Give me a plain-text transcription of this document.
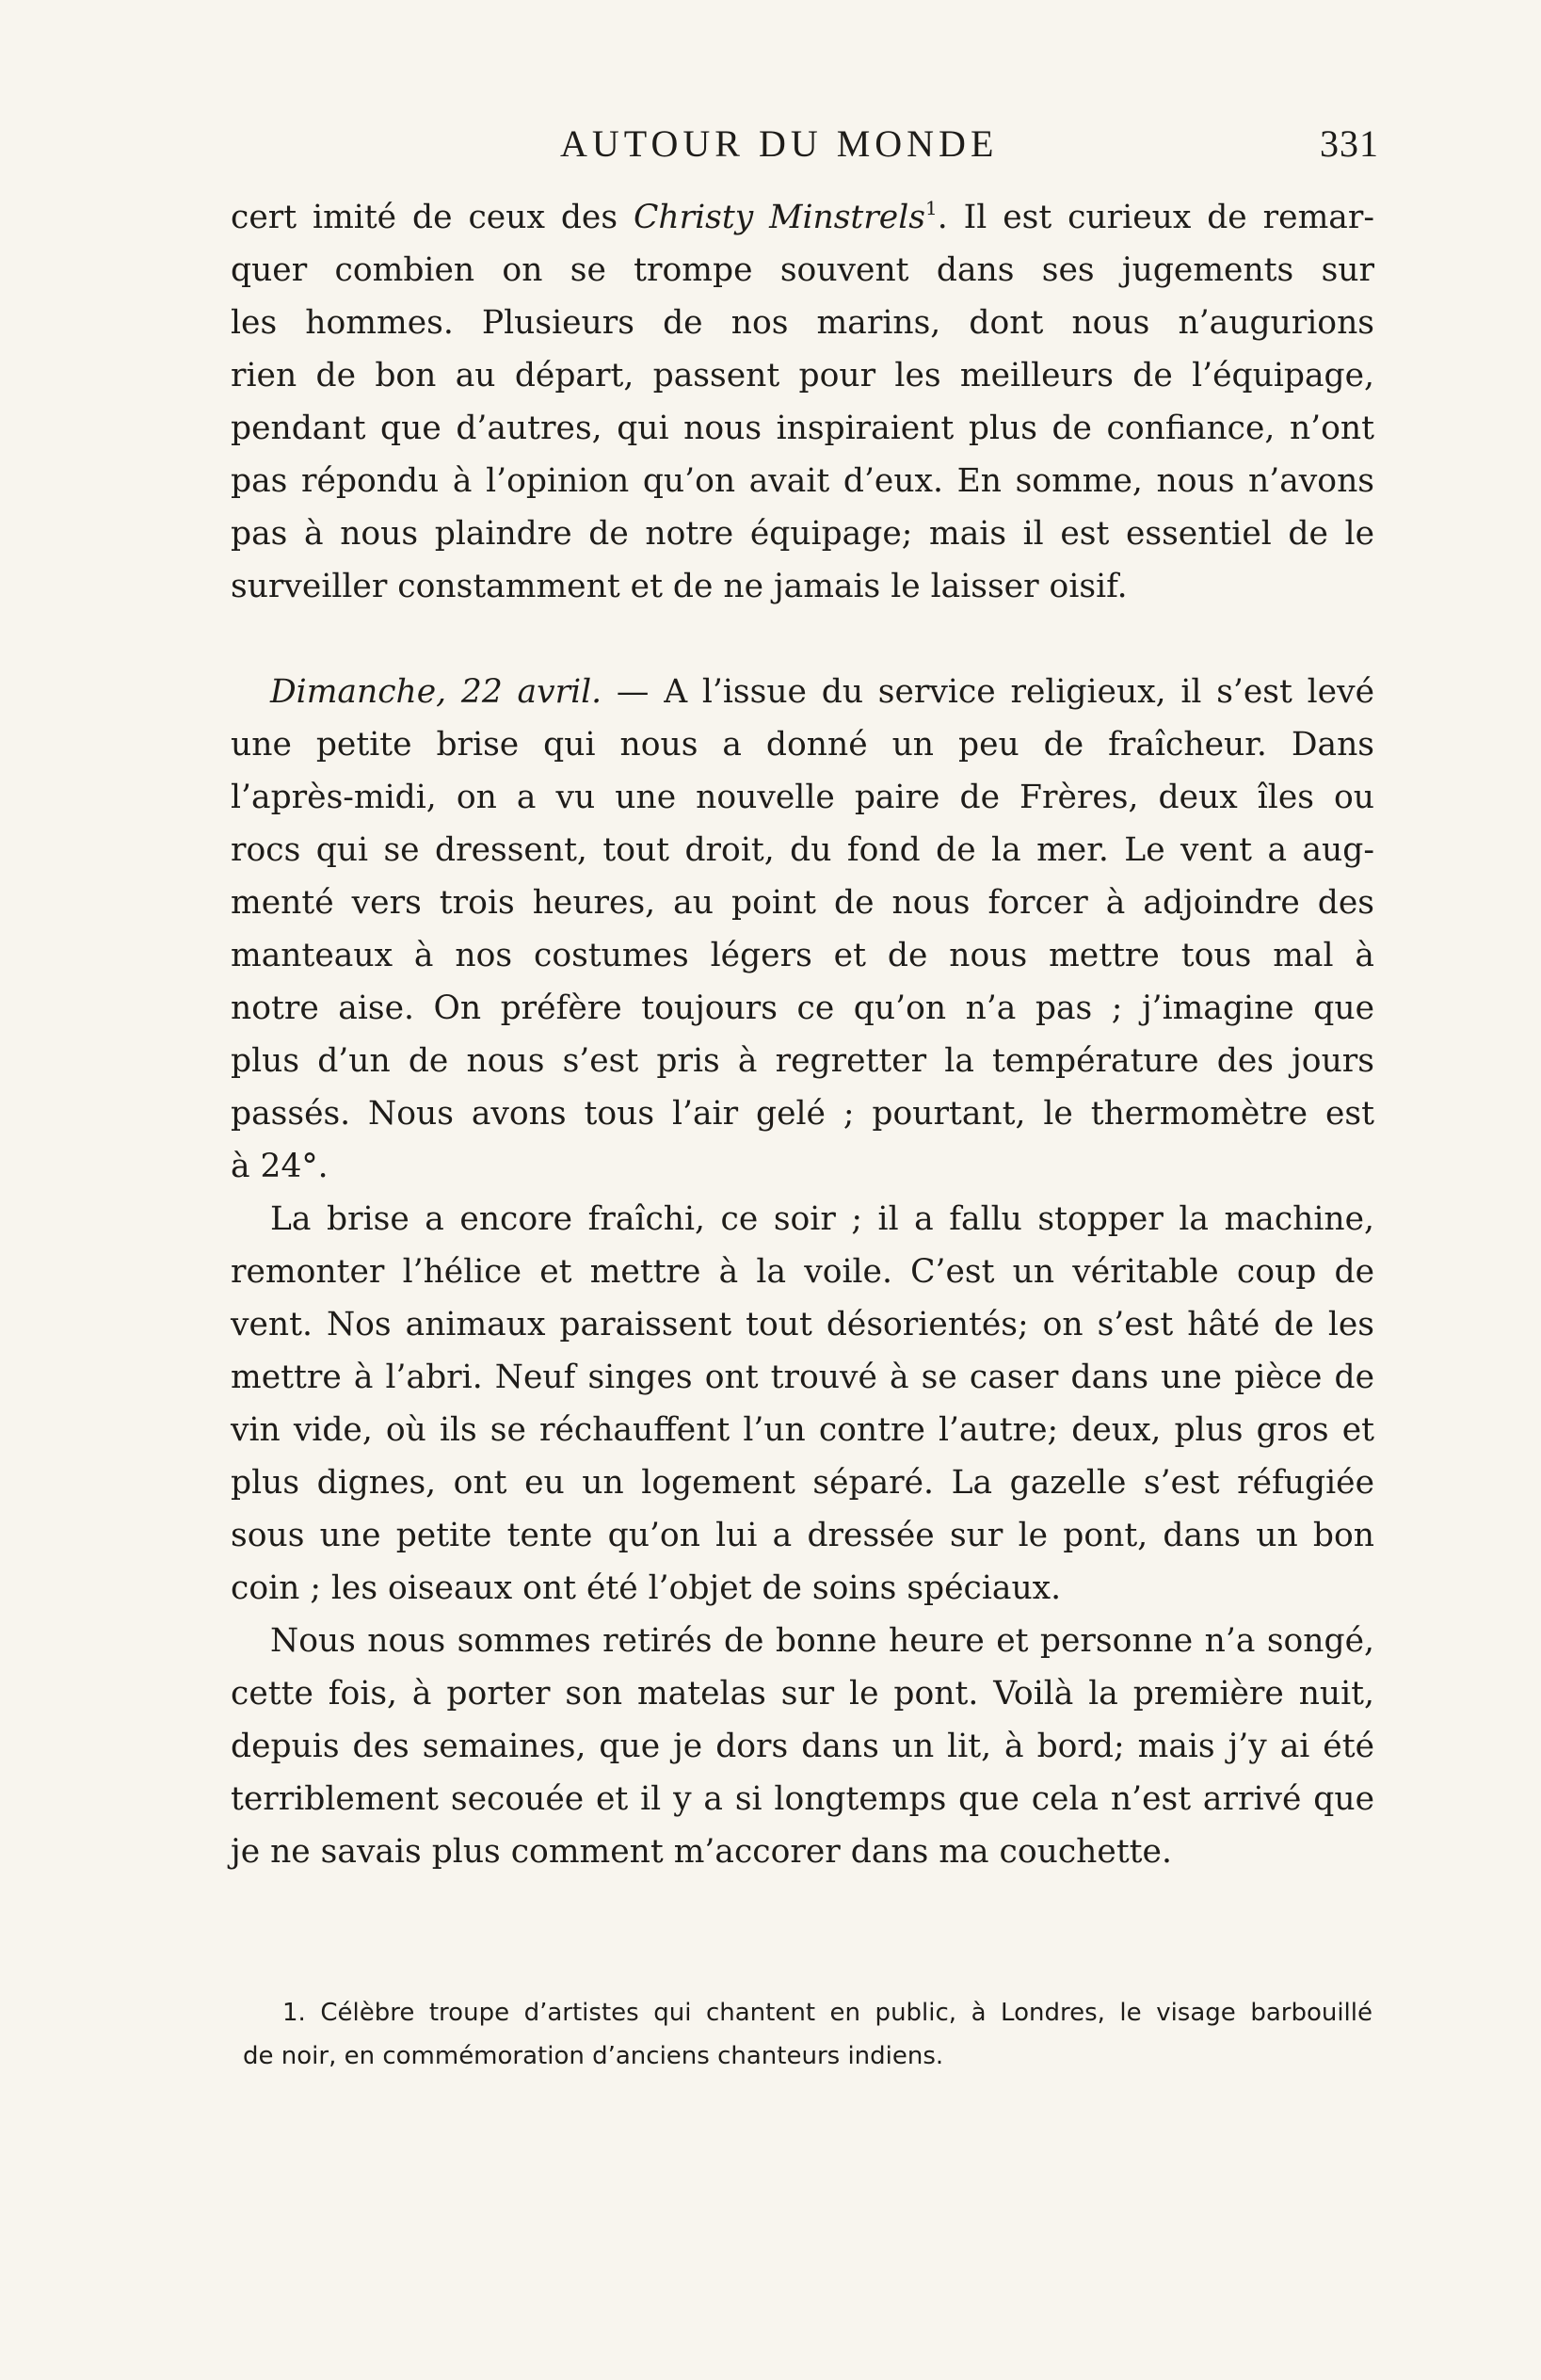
AUTOUR DU MONDE	331
cert imité de ceux des Christy Minstrels$^1$. Il est curieux de remar-
quer combien on se trompe souvent dans ses jugements sur
les hommes. Plusieurs de nos marins, dont nous n’augurions
rien de bon au départ, passent pour les meilleurs de l’équipage,
pendant que d’autres, qui nous inspiraient plus de confiance, n’ont
pas répondu à l’opinion qu’on avait d’eux. En somme, nous n’avons
pas à nous plaindre de notre équipage; mais il est essentiel de le
surveiller constamment et de ne jamais le laisser oisif.
Dimanche, 22 avril. — A l’issue du service religieux, il s’est levé
une petite brise qui nous a donné un peu de fraîcheur. Dans
l’après-midi, on a vu une nouvelle paire de Frères, deux îles ou
rocs qui se dressent, tout droit, du fond de la mer. Le vent a aug-
menté vers trois heures, au point de nous forcer à adjoindre des
manteaux à nos costumes légers et de nous mettre tous mal à
notre aise. On préfère toujours ce qu’on n’a pas ; j’imagine que
plus d’un de nous s’est pris à regretter la température des jours
passés. Nous avons tous l’air gelé ; pourtant, le thermomètre est
à 24°.
La brise a encore fraîchi, ce soir ; il a fallu stopper la machine,
remonter l’hélice et mettre à la voile. C’est un véritable coup de
vent. Nos animaux paraissent tout désorientés; on s’est hâté de les
mettre à l’abri. Neuf singes ont trouvé à se caser dans une pièce de
vin vide, où ils se réchauffent l’un contre l’autre; deux, plus gros et
plus dignes, ont eu un logement séparé. La gazelle s’est réfugiée
sous une petite tente qu’on lui a dressée sur le pont, dans un bon
coin ; les oiseaux ont été l’objet de soins spéciaux.
Nous nous sommes retirés de bonne heure et personne n’a songé,
cette fois, à porter son matelas sur le pont. Voilà la première nuit,
depuis des semaines, que je dors dans un lit, à bord; mais j’y ai été
terriblement secouée et il y a si longtemps que cela n’est arrivé que
je ne savais plus comment m’accorer dans ma couchette.
1. Célèbre troupe d’artistes qui chantent en public, à Londres, le visage barbouillé
de noir, en commémoration d’anciens chanteurs indiens.
